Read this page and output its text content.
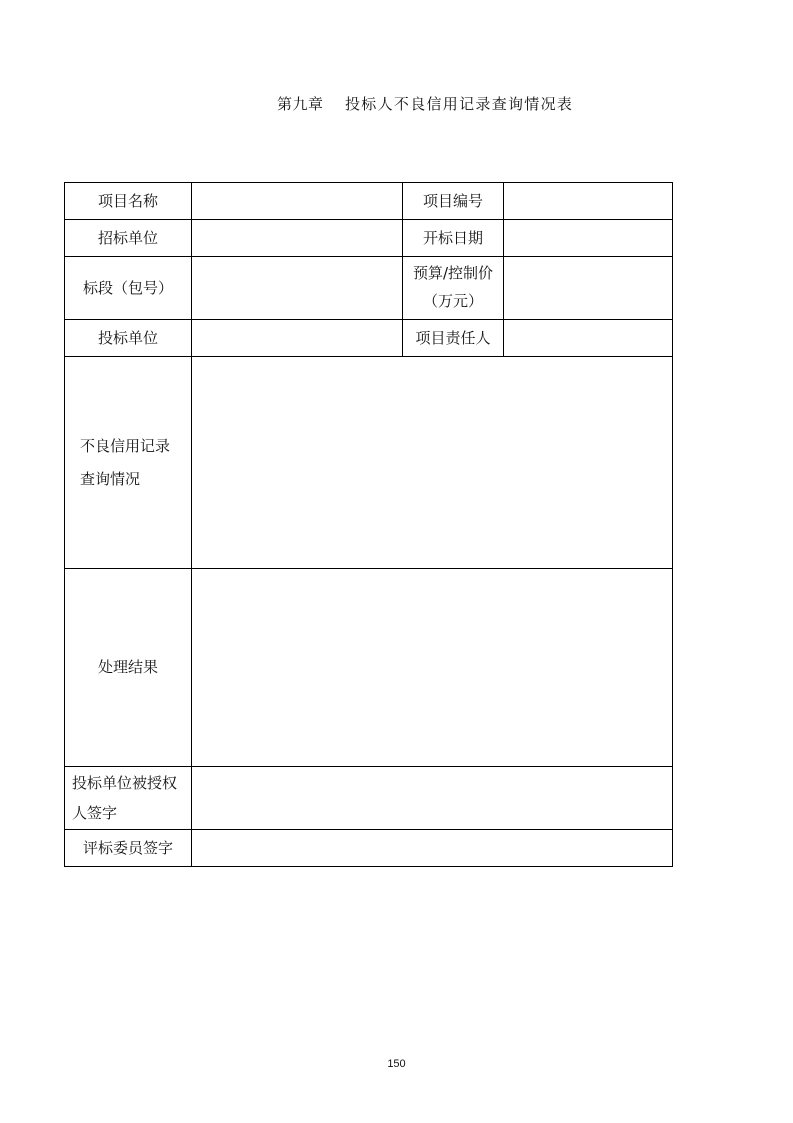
第九章 投标人不良信用记录查询情况表
项目名称		项目编号	
招标单位		开标日期	
标段（包号）		预算/控制价
（万元）	
投标单位		项目责任人	
不良信用记录查询情况			
处理结果			
投标单位被授权人签字			
评标委员签字			
150
